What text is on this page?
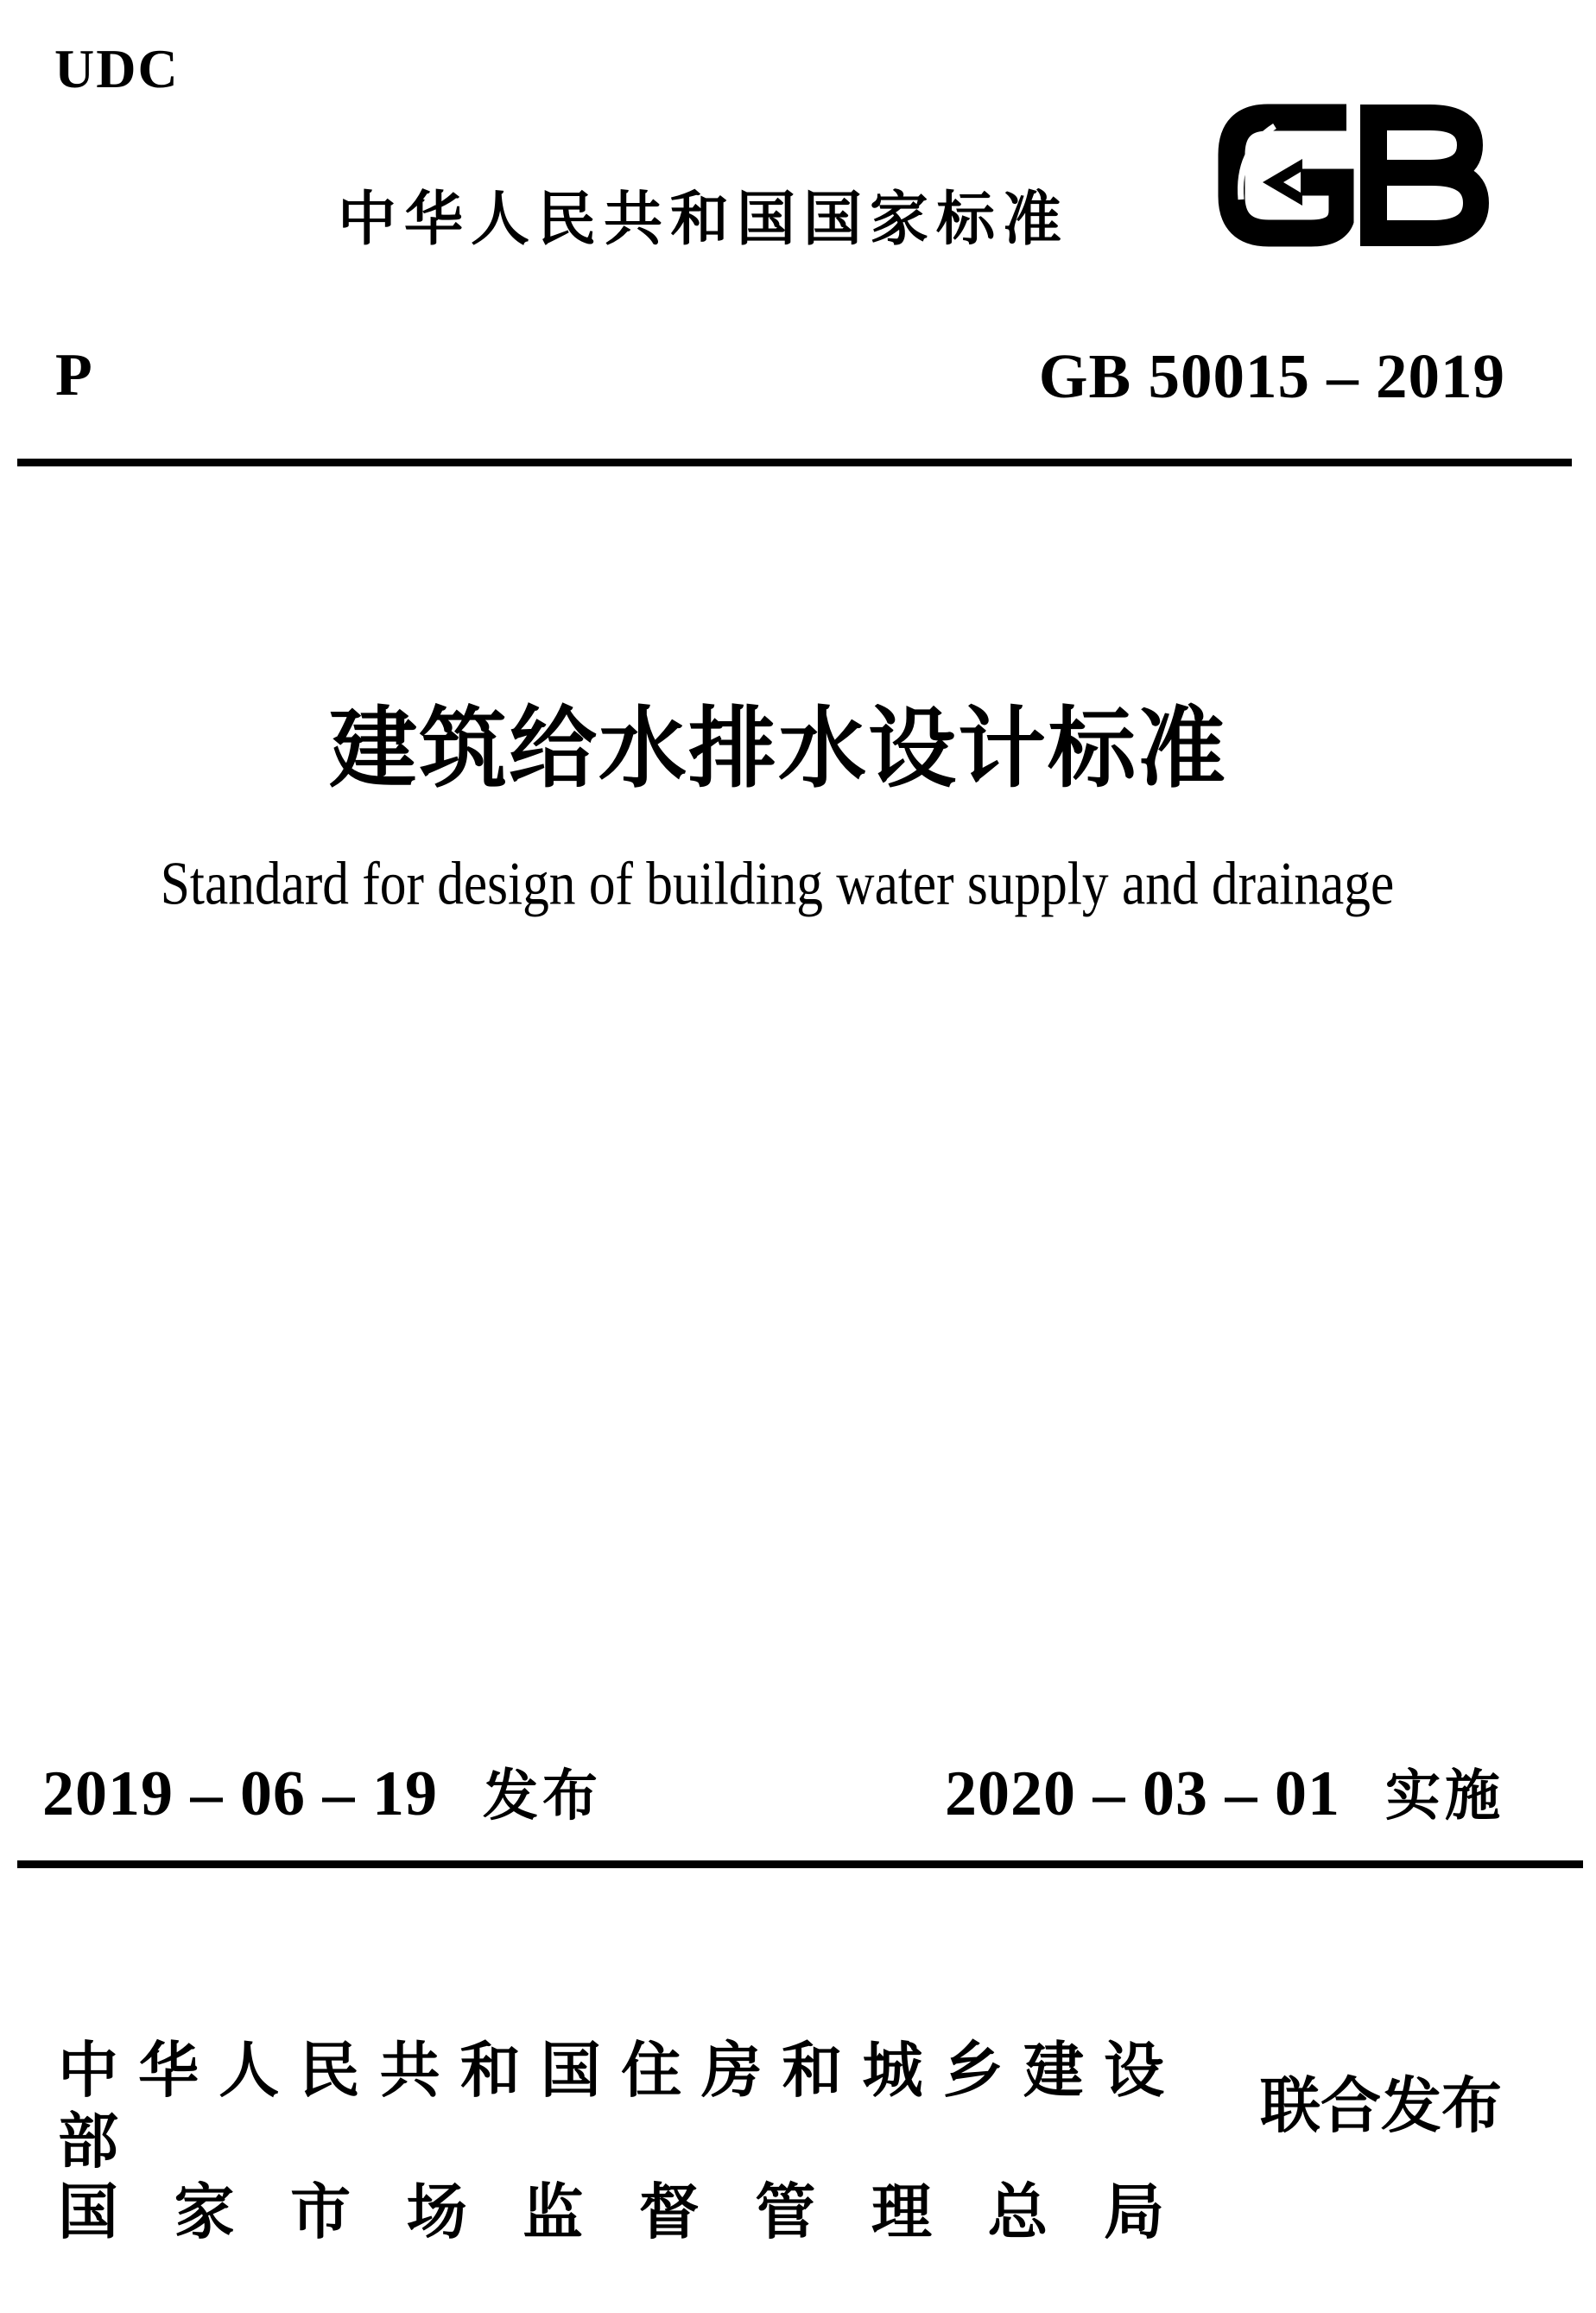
UDC
中华人民共和国国家标准
P	GB 50015 – 2019
建筑给水排水设计标准
Standard for design of building water supply and drainage
2019 – 06 – 19 发布	2020 – 03 – 01 实施
中 华 人 民 共 和 国 住 房 和 城 乡 建 设 部
国 家 市 场 监 督 管 理 总 局
联合发布
